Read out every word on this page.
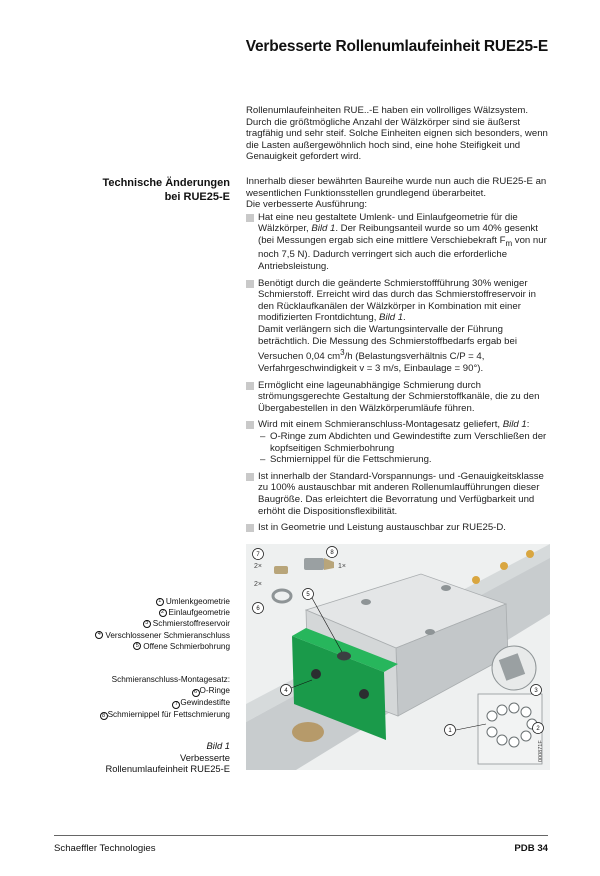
Verbesserte Rollenumlaufeinheit RUE25-E
Rollenumlaufeinheiten RUE..-E haben ein vollrolliges Wälzsystem. Durch die größtmögliche Anzahl der Wälzkörper sind sie äußerst tragfähig und sehr steif. Solche Einheiten eignen sich besonders, wenn die Lasten außergewöhnlich hoch sind, eine hohe Steifigkeit und Genauigkeit gefordert wird.
Technische Änderungen
bei RUE25-E

Innerhalb dieser bewährten Baureihe wurde nun auch die RUE25-E an wesentlichen Funktionsstellen grundlegend überarbeitet.

Die verbesserte Ausführung:

Hat eine neu gestaltete Umlenk- und Einlaufgeometrie für die Wälzkörper, Bild 1. Der Reibungsanteil wurde so um 40% gesenkt (bei Messungen ergab sich eine mittlere Verschiebekraft $F_m$ von nur noch 7,5 N). Dadurch verringert sich auch die erforderliche Antriebsleistung.
Benötigt durch die geänderte Schmierstoffführung 30% weniger Schmierstoff. Erreicht wird das durch das Schmierstoffreservoir in den Rücklaufkanälen der Wälzkörper in Kombination mit einer modifizierten Frontdichtung, Bild 1.
Damit verlängern sich die Wartungsintervalle der Führung beträchtlich. Die Messung des Schmierstoffbedarfs ergab bei Versuchen 0,04 $cm^3/h$ (Belastungsverhältnis C/P = 4, Verfahrgeschwindigkeit v = 3 m/s, Einbaulage = 90°).
Ermöglicht eine lageunabhängige Schmierung durch strömungsgerechte Gestaltung der Schmierstoffkanäle, die zu den Übergabestellen in den Wälzkörperumläufe führen.
Wird mit einem Schmieranschluss-Montagesatz geliefert, Bild 1:
– O-Ringe zum Abdichten und Gewindestifte zum Verschließen der kopfseitigen Schmierbohrung
– Schmiernippel für die Fettschmierung.
Ist innerhalb der Standard-Vorspannungs- und -Genauigkeitsklasse zu 100% austauschbar mit anderen Rollenumlaufführungen dieser Baugröße. Das erleichtert die Bevorratung und Verfügbarkeit und erhöht die Dispositionsflexibilität.
Ist in Geometrie und Leistung austauschbar zur RUE25-D.
1 Umlenkgeometrie
2 Einlaufgeometrie
3 Schmierstoffreservoir
4 Verschlossener Schmieranschluss
5 Offene Schmierbohrung
Schmieranschluss-Montagesatz:
6 O-Ringe
7 Gewindestifte
8 Schmiernippel für Fettschmierung
Bild 1
Verbesserte
Rollenumlaufeinheit RUE25-E
2×
2×
1×
000871F
7	8
6
5
4	3
2
1
Schaeffler Technologies	PDB 34
